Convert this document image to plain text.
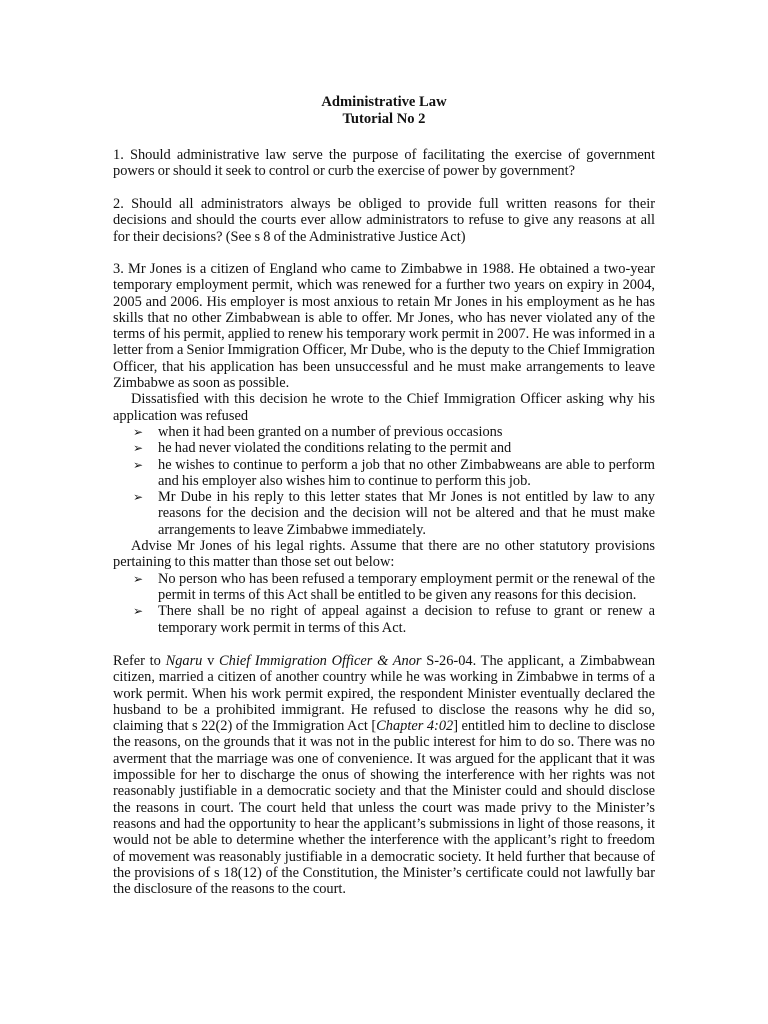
Administrative Law
Tutorial No 2

1. Should administrative law serve the purpose of facilitating the exercise of government powers or should it seek to control or curb the exercise of power by government?

2. Should all administrators always be obliged to provide full written reasons for their decisions and should the courts ever allow administrators to refuse to give any reasons at all for their decisions? (See s 8 of the Administrative Justice Act)

3. Mr Jones is a citizen of England who came to Zimbabwe in 1988. He obtained a two-year temporary employment permit, which was renewed for a further two years on expiry in 2004, 2005 and 2006. His employer is most anxious to retain Mr Jones in his employment as he has skills that no other Zimbabwean is able to offer. Mr Jones, who has never violated any of the terms of his permit, applied to renew his temporary work permit in 2007. He was informed in a letter from a Senior Immigration Officer, Mr Dube, who is the deputy to the Chief Immigration Officer, that his application has been unsuccessful and he must make arrangements to leave Zimbabwe as soon as possible.

Dissatisfied with this decision he wrote to the Chief Immigration Officer asking why his application was refused

➢ when it had been granted on a number of previous occasions
➢ he had never violated the conditions relating to the permit and
➢ he wishes to continue to perform a job that no other Zimbabweans are able to perform and his employer also wishes him to continue to perform this job.
➢ Mr Dube in his reply to this letter states that Mr Jones is not entitled by law to any reasons for the decision and the decision will not be altered and that he must make arrangements to leave Zimbabwe immediately.

Advise Mr Jones of his legal rights. Assume that there are no other statutory provisions pertaining to this matter than those set out below:

➢ No person who has been refused a temporary employment permit or the renewal of the permit in terms of this Act shall be entitled to be given any reasons for this decision.
➢ There shall be no right of appeal against a decision to refuse to grant or renew a temporary work permit in terms of this Act.

Refer to Ngaru v Chief Immigration Officer & Anor S-26-04. The applicant, a Zimbabwean citizen, married a citizen of another country while he was working in Zimbabwe in terms of a work permit. When his work permit expired, the respondent Minister eventually declared the husband to be a prohibited immigrant. He refused to disclose the reasons why he did so, claiming that s 22(2) of the Immigration Act [Chapter 4:02] entitled him to decline to disclose the reasons, on the grounds that it was not in the public interest for him to do so. There was no averment that the marriage was one of convenience. It was argued for the applicant that it was impossible for her to discharge the onus of showing the interference with her rights was not reasonably justifiable in a democratic society and that the Minister could and should disclose the reasons in court. The court held that unless the court was made privy to the Minister’s reasons and had the opportunity to hear the applicant’s submissions in light of those reasons, it would not be able to determine whether the interference with the applicant’s right to freedom of movement was reasonably justifiable in a democratic society. It held further that because of the provisions of s 18(12) of the Constitution, the Minister’s certificate could not lawfully bar the disclosure of the reasons to the court.
